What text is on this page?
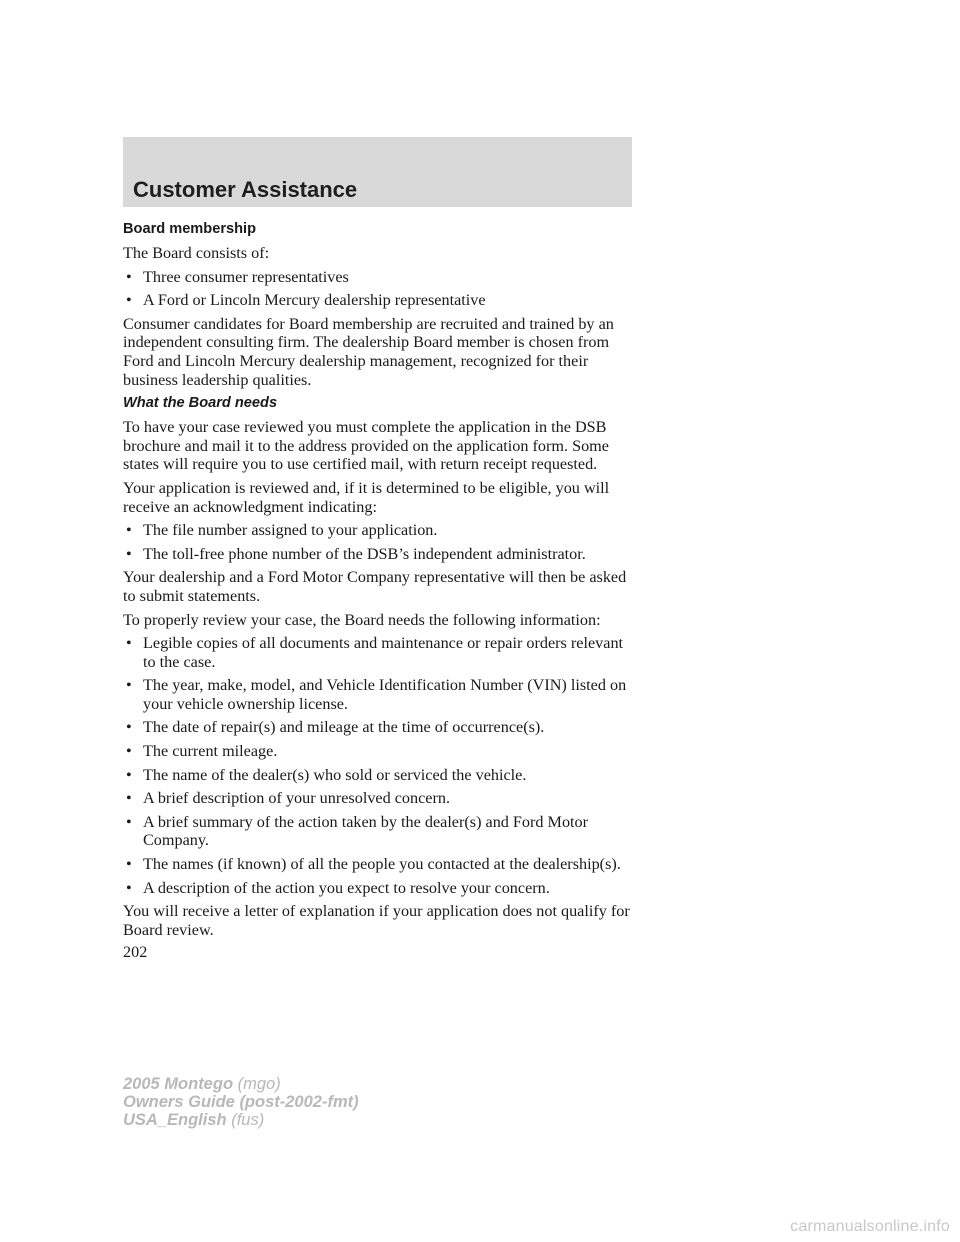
Customer Assistance
Board membership
The Board consists of:
• Three consumer representatives
• A Ford or Lincoln Mercury dealership representative
Consumer candidates for Board membership are recruited and trained by an independent consulting firm. The dealership Board member is chosen from Ford and Lincoln Mercury dealership management, recognized for their business leadership qualities.
What the Board needs
To have your case reviewed you must complete the application in the DSB brochure and mail it to the address provided on the application form. Some states will require you to use certified mail, with return receipt requested.
Your application is reviewed and, if it is determined to be eligible, you will receive an acknowledgment indicating:
• The file number assigned to your application.
• The toll-free phone number of the DSB’s independent administrator.
Your dealership and a Ford Motor Company representative will then be asked to submit statements.
To properly review your case, the Board needs the following information:
• Legible copies of all documents and maintenance or repair orders relevant to the case.
• The year, make, model, and Vehicle Identification Number (VIN) listed on your vehicle ownership license.
• The date of repair(s) and mileage at the time of occurrence(s).
• The current mileage.
• The name of the dealer(s) who sold or serviced the vehicle.
• A brief description of your unresolved concern.
• A brief summary of the action taken by the dealer(s) and Ford Motor Company.
• The names (if known) of all the people you contacted at the dealership(s).
• A description of the action you expect to resolve your concern.
You will receive a letter of explanation if your application does not qualify for Board review.
202
2005 Montego (mgo)
Owners Guide (post-2002-fmt)
USA_English (fus)
carmanualsonline.info
